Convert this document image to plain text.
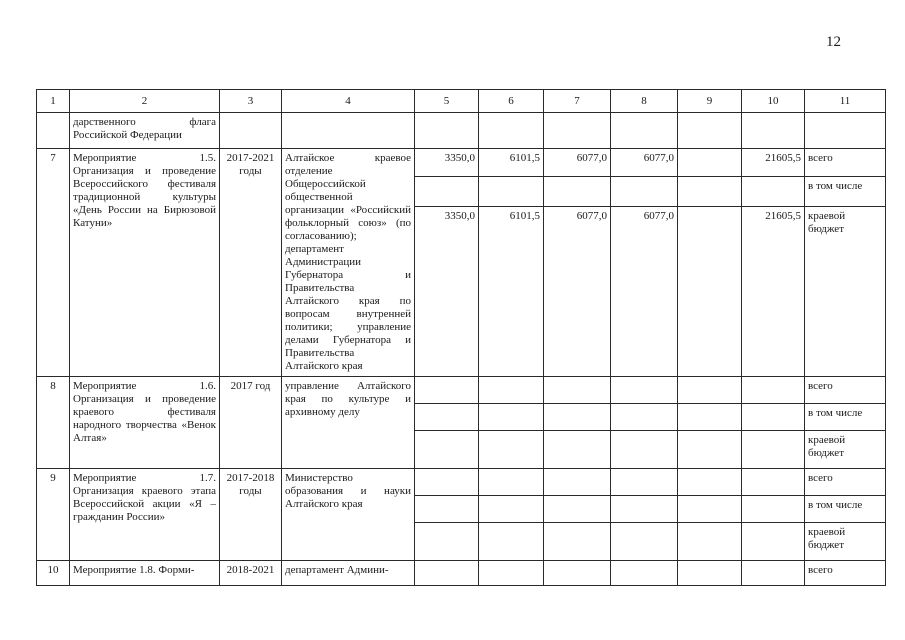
12
1	2	3	4	5	6	7	8	9	10	11
	дарственного флага Российской Федерации									
7	Мероприятие 1.5. Организация и проведение Всероссийского фестиваля традиционной культуры «День России на Бирюзовой Катуни»	2017-2021 годы	Алтайское краевое отделение Общероссийской общественной организации «Российский фольклорный союз» (по согласованию); департамент Администрации Губернатора и Правительства Алтайского края по вопросам внутренней политики; управление делами Губернатора и Правительства Алтайского края	3350,0	6101,5	6077,0	6077,0		21605,5	всего
										в том числе
				3350,0	6101,5	6077,0	6077,0		21605,5	краевой бюджет
8	Мероприятие 1.6. Организация и проведение краевого фестиваля народного творчества «Венок Алтая»	2017 год	управление Алтайского края по культуре и архивному делу							всего
										в том числе
										краевой бюджет
9	Мероприятие 1.7. Организация краевого этапа Всероссийской акции «Я – гражданин России»	2017-2018 годы	Министерство образования и науки Алтайского края							всего
										в том числе
										краевой бюджет
10	Мероприятие 1.8. Форми-	2018-2021	департамент Админи-							всего
